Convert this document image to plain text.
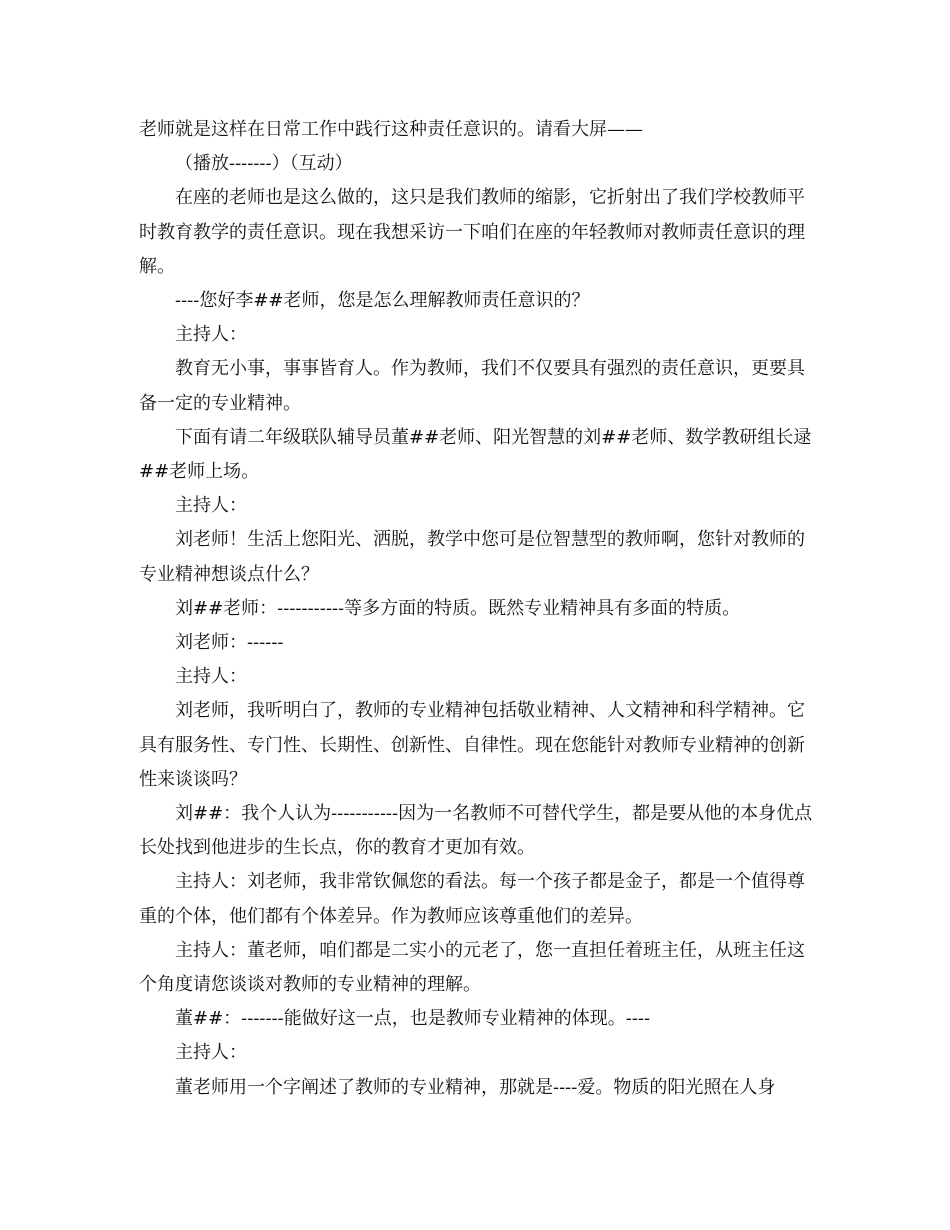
老师就是这样在日常工作中践行这种责任意识的。请看大屏——

（播放-------）（互动）

在座的老师也是这么做的，这只是我们教师的缩影，它折射出了我们学校教师平时教育教学的责任意识。现在我想采访一下咱们在座的年轻教师对教师责任意识的理解。

----您好李##老师，您是怎么理解教师责任意识的？

主持人：

教育无小事，事事皆育人。作为教师，我们不仅要具有强烈的责任意识，更要具备一定的专业精神。

下面有请二年级联队辅导员董##老师、阳光智慧的刘##老师、数学教研组长逯##老师上场。

主持人：

刘老师！生活上您阳光、洒脱，教学中您可是位智慧型的教师啊，您针对教师的专业精神想谈点什么？

刘##老师：-----------等多方面的特质。既然专业精神具有多面的特质。

刘老师：------

主持人：

刘老师，我听明白了，教师的专业精神包括敬业精神、人文精神和科学精神。它具有服务性、专门性、长期性、创新性、自律性。现在您能针对教师专业精神的创新性来谈谈吗？

刘##：我个人认为-----------因为一名教师不可替代学生，都是要从他的本身优点长处找到他进步的生长点，你的教育才更加有效。

主持人：刘老师，我非常钦佩您的看法。每一个孩子都是金子，都是一个值得尊重的个体，他们都有个体差异。作为教师应该尊重他们的差异。

主持人：董老师，咱们都是二实小的元老了，您一直担任着班主任，从班主任这个角度请您谈谈对教师的专业精神的理解。

董##：-------能做好这一点，也是教师专业精神的体现。----

主持人：

董老师用一个字阐述了教师的专业精神，那就是----爱。物质的阳光照在人身
